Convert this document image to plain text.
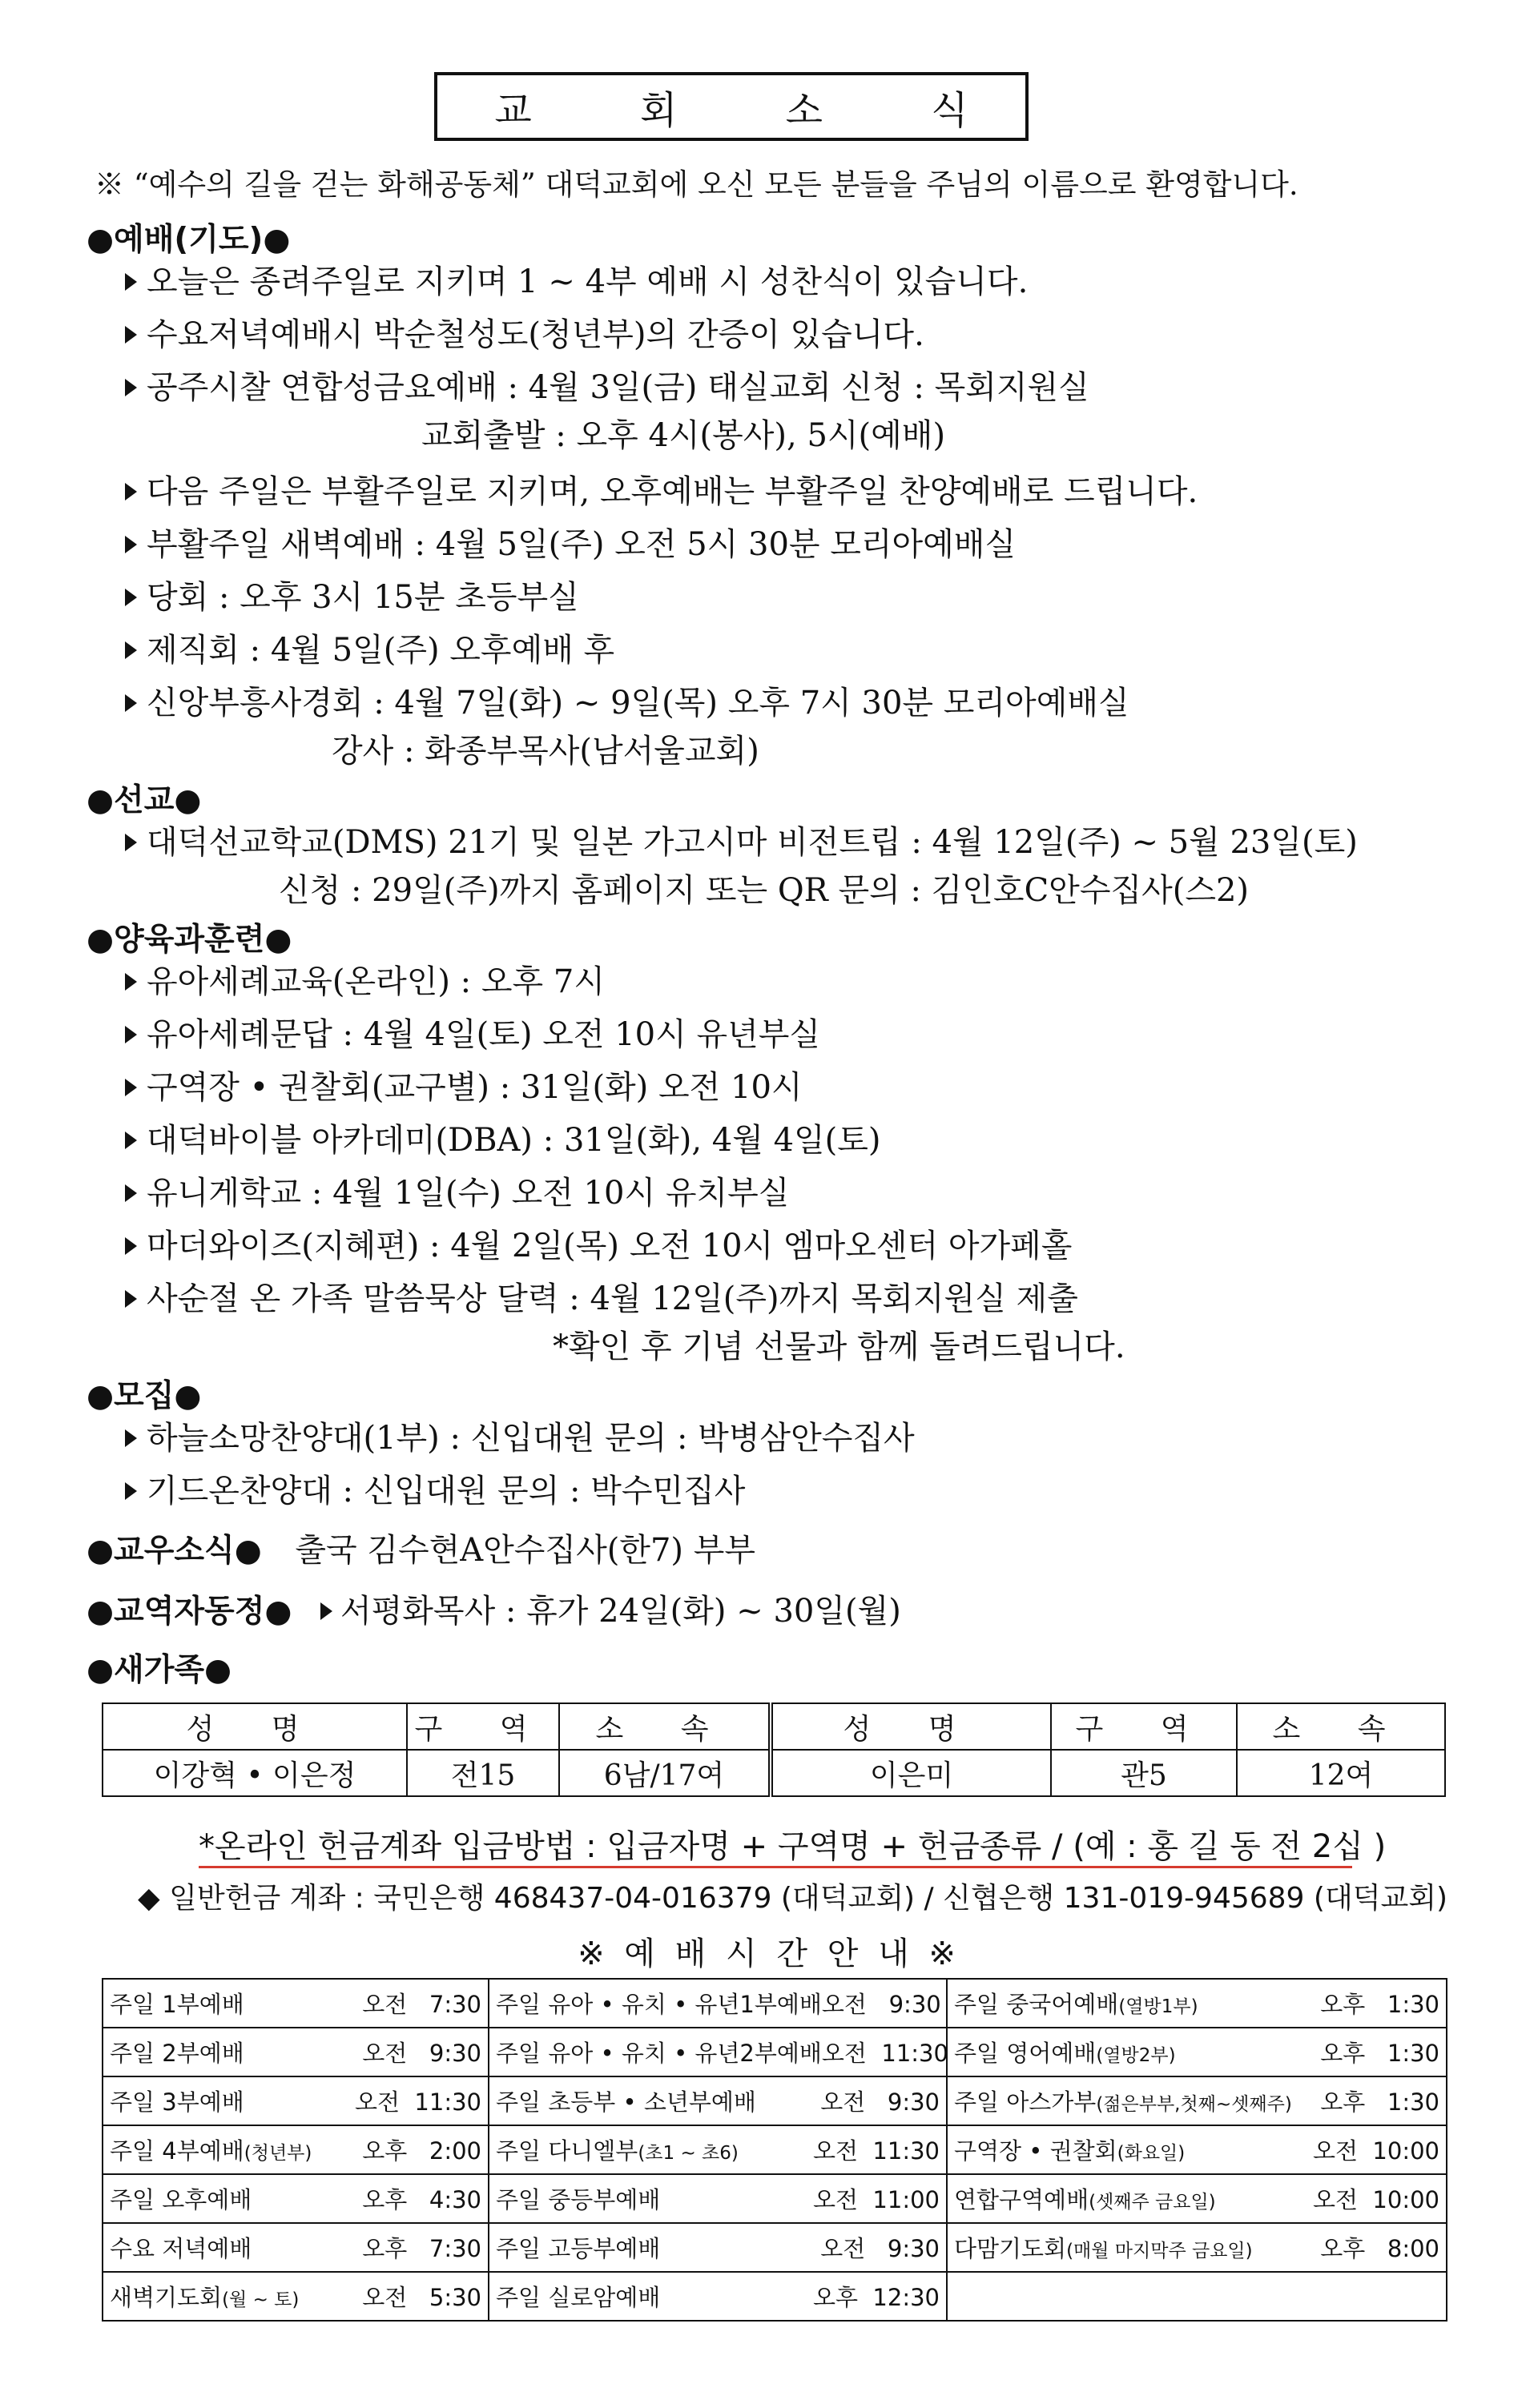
교 회 소 식
※ “예수의 길을 걷는 화해공동체” 대덕교회에 오신 모든 분들을 주님의 이름으로 환영합니다.
●예배(기도)●
오늘은 종려주일로 지키며 1 ~ 4부 예배 시 성찬식이 있습니다.
수요저녁예배시 박순철성도(청년부)의 간증이 있습니다.
공주시찰 연합성금요예배 : 4월 3일(금) 태실교회 신청 : 목회지원실
교회출발 : 오후 4시(봉사), 5시(예배)
다음 주일은 부활주일로 지키며, 오후예배는 부활주일 찬양예배로 드립니다.
부활주일 새벽예배 : 4월 5일(주) 오전 5시 30분 모리아예배실
당회 : 오후 3시 15분 초등부실
제직회 : 4월 5일(주) 오후예배 후
신앙부흥사경회 : 4월 7일(화) ~ 9일(목) 오후 7시 30분 모리아예배실
강사 : 화종부목사(남서울교회)
●선교●
대덕선교학교(DMS) 21기 및 일본 가고시마 비전트립 : 4월 12일(주) ~ 5월 23일(토)
신청 : 29일(주)까지 홈페이지 또는 QR 문의 : 김인호C안수집사(스2)
●양육과훈련●
유아세례교육(온라인) : 오후 7시
유아세례문답 : 4월 4일(토) 오전 10시 유년부실
구역장 • 권찰회(교구별) : 31일(화) 오전 10시
대덕바이블 아카데미(DBA) : 31일(화), 4월 4일(토)
유니게학교 : 4월 1일(수) 오전 10시 유치부실
마더와이즈(지혜편) : 4월 2일(목) 오전 10시 엠마오센터 아가페홀
사순절 온 가족 말씀묵상 달력 : 4월 12일(주)까지 목회지원실 제출
*확인 후 기념 선물과 함께 돌려드립니다.
●모집●
하늘소망찬양대(1부) : 신입대원 문의 : 박병삼안수집사
기드온찬양대 : 신입대원 문의 : 박수민집사
●교우소식● 출국 김수현A안수집사(한7) 부부
●교역자동정● 서평화목사 : 휴가 24일(화) ~ 30일(월)
●새가족●
성 명	구 역	소 속	성 명	구 역	소 속
이강혁 • 이은정	전15	6남/17여	이은미	관5	12여
*온라인 헌금계좌 입금방법 : 입금자명 + 구역명 + 헌금종류 / (예 : 홍 길 동 전 2십 )
◆ 일반헌금 계좌 : 국민은행 468437-04-016379 (대덕교회) / 신협은행 131-019-945689 (대덕교회)
※ 예 배 시 간 안 내 ※
주일 1부예배 오전   7:30	주일 유아 • 유치 • 유년1부예배 오전   9:30	주일 중국어예배(열방1부) 오후   1:30

주일 2부예배 오전   9:30	주일 유아 • 유치 • 유년2부예배 오전  11:30	주일 영어예배(열방2부) 오후   1:30

주일 3부예배 오전  11:30	주일 초등부 • 소년부예배 오전   9:30	주일 아스가부(젊은부부,첫째~셋째주) 오후   1:30

주일 4부예배(청년부) 오후   2:00	주일 다니엘부(초1 ~ 초6) 오전  11:30	구역장 • 권찰회(화요일) 오전  10:00

주일 오후예배 오후   4:30	주일 중등부예배 오전  11:00	연합구역예배(셋째주 금요일) 오전  10:00

수요 저녁예배 오후   7:30	주일 고등부예배 오전   9:30	다맘기도회(매월 마지막주 금요일) 오후   8:00

새벽기도회(월 ~ 토) 오전   5:30	주일 실로암예배 오후  12:30	
